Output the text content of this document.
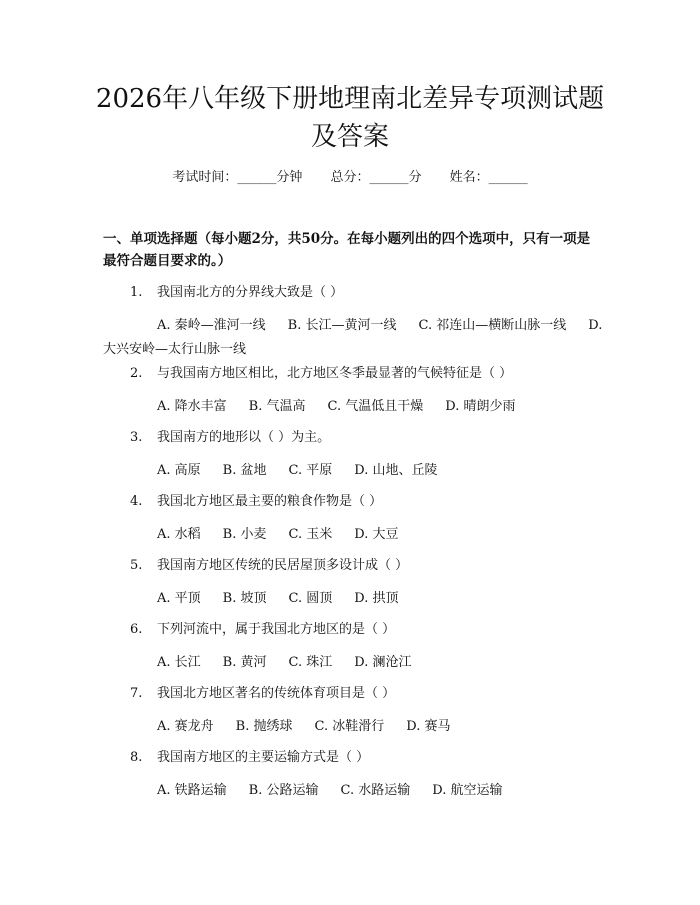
2026年八年级下册地理南北差异专项测试题及答案
考试时间：______分钟 总分：______分 姓名：______

一、单项选择题（每小题2分，共50分。在每小题列出的四个选项中，只有一项是最符合题目要求的。）

1. 我国南北方的分界线大致是（ ）
A. 秦岭—淮河一线 B. 长江—黄河一线 C. 祁连山—横断山脉一线 D. 大兴安岭—太行山脉一线
2. 与我国南方地区相比，北方地区冬季最显著的气候特征是（ ）
A. 降水丰富 B. 气温高 C. 气温低且干燥 D. 晴朗少雨
3. 我国南方的地形以（ ）为主。
A. 高原 B. 盆地 C. 平原 D. 山地、丘陵
4. 我国北方地区最主要的粮食作物是（ ）
A. 水稻 B. 小麦 C. 玉米 D. 大豆
5. 我国南方地区传统的民居屋顶多设计成（ ）
A. 平顶 B. 坡顶 C. 圆顶 D. 拱顶
6. 下列河流中，属于我国北方地区的是（ ）
A. 长江 B. 黄河 C. 珠江 D. 澜沧江
7. 我国北方地区著名的传统体育项目是（ ）
A. 赛龙舟 B. 抛绣球 C. 冰鞋滑行 D. 赛马
8. 我国南方地区的主要运输方式是（ ）
A. 铁路运输 B. 公路运输 C. 水路运输 D. 航空运输
